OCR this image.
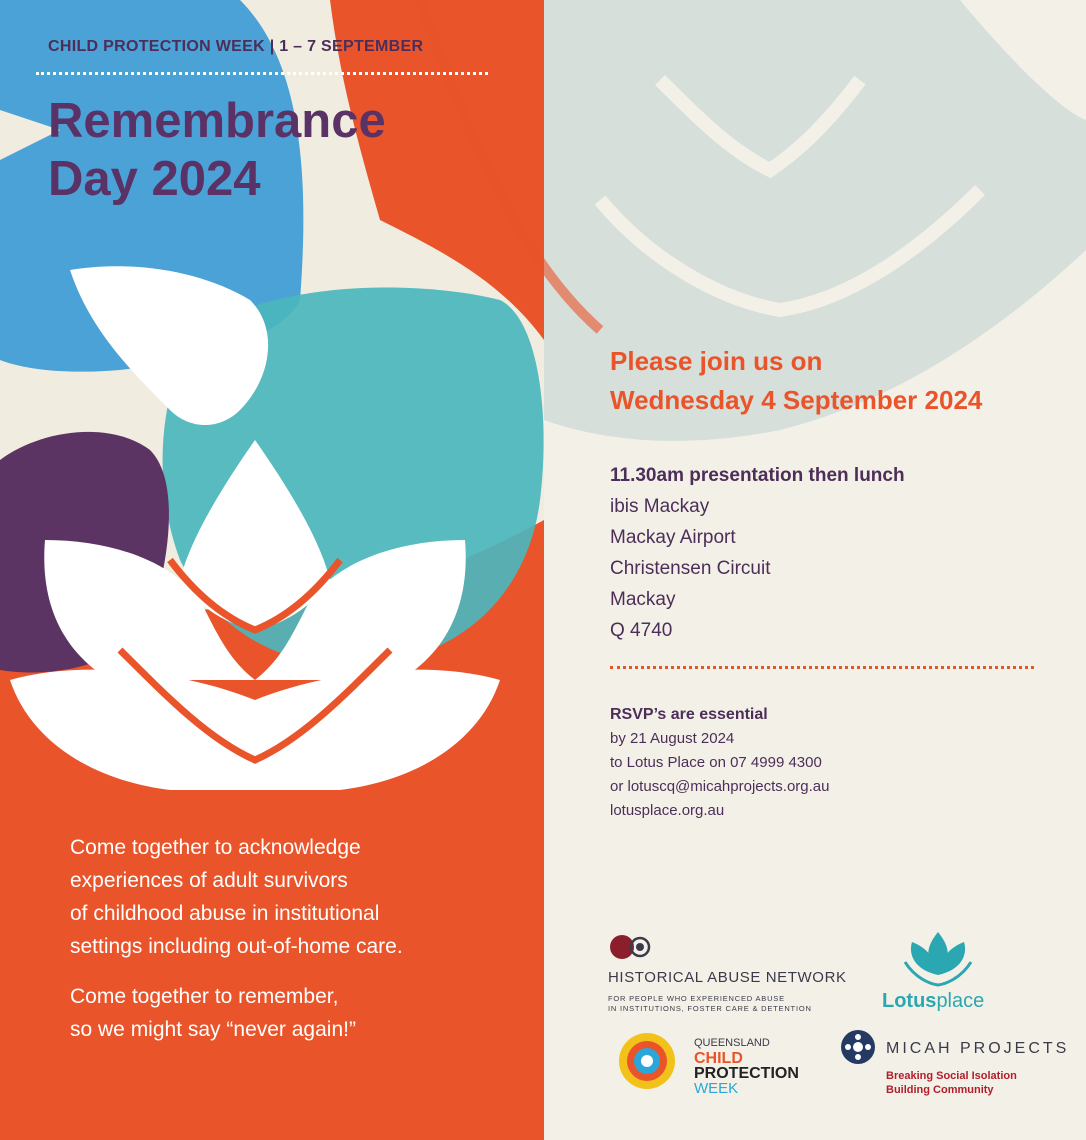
CHILD PROTECTION WEEK | 1 – 7 SEPTEMBER
Remembrance Day 2024
Please join us on
Wednesday 4 September 2024
11.30am presentation then lunch
ibis Mackay
Mackay Airport
Christensen Circuit
Mackay
Q 4740
RSVP’s are essential
by 21 August 2024
to Lotus Place on 07 4999 4300
or lotuscq@micahprojects.org.au
lotusplace.org.au

Come together to acknowledge
experiences of adult survivors
of childhood abuse in institutional
settings including out-of-home care.

Come together to remember,
so we might say “never again!”

HISTORICAL ABUSE NETWORK
FOR PEOPLE WHO EXPERIENCED ABUSE
IN INSTITUTIONS, FOSTER CARE & DETENTION	Lotusplace
QUEENSLAND
CHILD
PROTECTION
WEEK
MICAH PROJECTS
Breaking Social Isolation
Building Community
